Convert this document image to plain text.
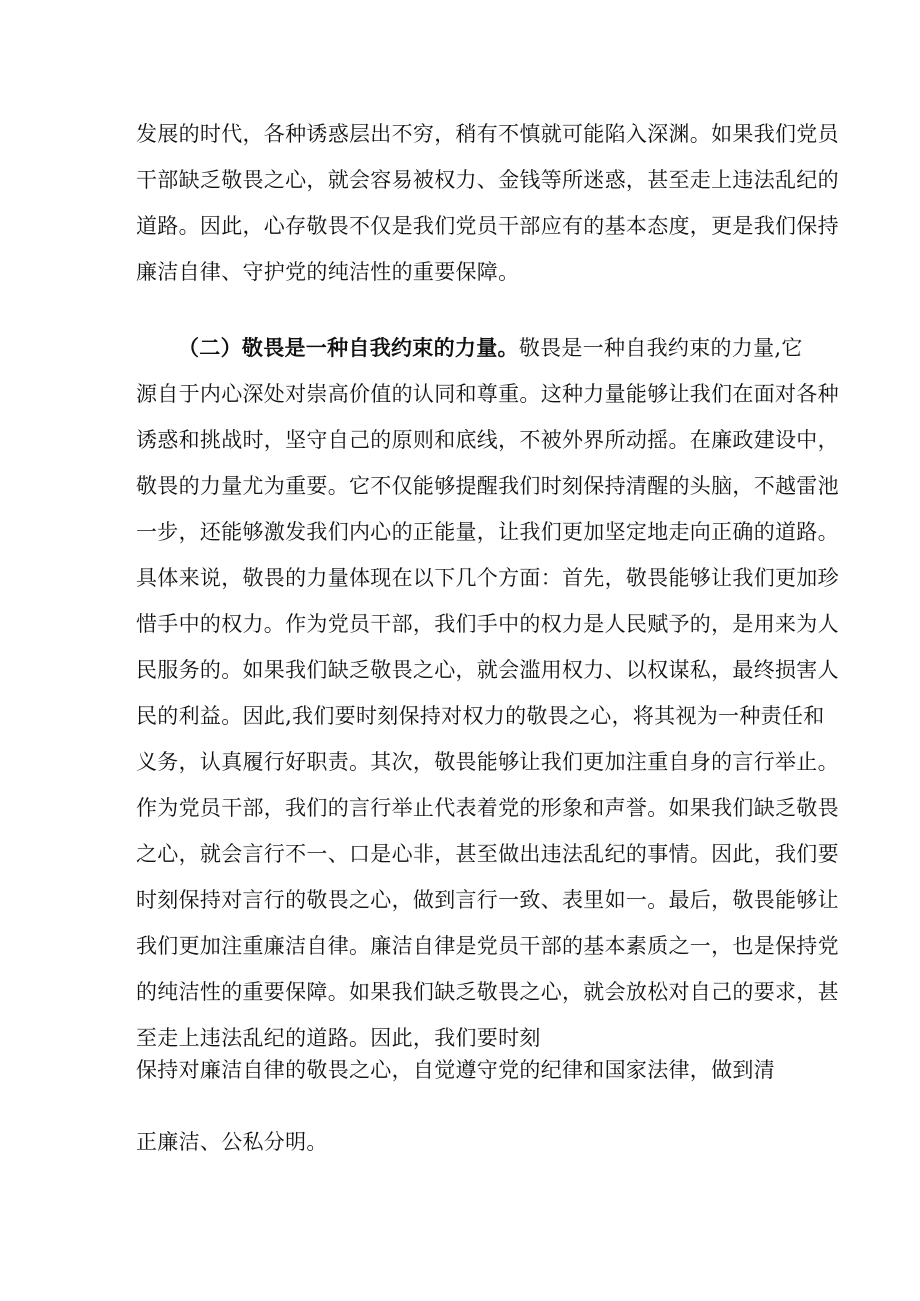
发展的时代，各种诱惑层出不穷，稍有不慎就可能陷入深渊。如果我们党员
干部缺乏敬畏之心，就会容易被权力、金钱等所迷惑，甚至走上违法乱纪的
道路。因此，心存敬畏不仅是我们党员干部应有的基本态度，更是我们保持
廉洁自律、守护党的纯洁性的重要保障。
（二）敬畏是一种自我约束的力量。 敬畏是一种自我约束的力量,它
源自于内心深处对崇高价值的认同和尊重。这种力量能够让我们在面对各种
诱惑和挑战时，坚守自己的原则和底线，不被外界所动摇。在廉政建设中，
敬畏的力量尤为重要。它不仅能够提醒我们时刻保持清醒的头脑，不越雷池
一步，还能够激发我们内心的正能量，让我们更加坚定地走向正确的道路。
具体来说，敬畏的力量体现在以下几个方面：首先，敬畏能够让我们更加珍
惜手中的权力。作为党员干部，我们手中的权力是人民赋予的，是用来为人
民服务的。如果我们缺乏敬畏之心，就会滥用权力、以权谋私，最终损害人
民的利益。因此,我们要时刻保持对权力的敬畏之心，将其视为一种责任和
义务，认真履行好职责。其次，敬畏能够让我们更加注重自身的言行举止。
作为党员干部，我们的言行举止代表着党的形象和声誉。如果我们缺乏敬畏
之心，就会言行不一、口是心非，甚至做出违法乱纪的事情。因此，我们要
时刻保持对言行的敬畏之心，做到言行一致、表里如一。最后，敬畏能够让
我们更加注重廉洁自律。廉洁自律是党员干部的基本素质之一，也是保持党
的纯洁性的重要保障。如果我们缺乏敬畏之心，就会放松对自己的要求，甚
至走上违法乱纪的道路。因此，我们要时刻
保持对廉洁自律的敬畏之心，自觉遵守党的纪律和国家法律，做到清
正廉洁、公私分明。
